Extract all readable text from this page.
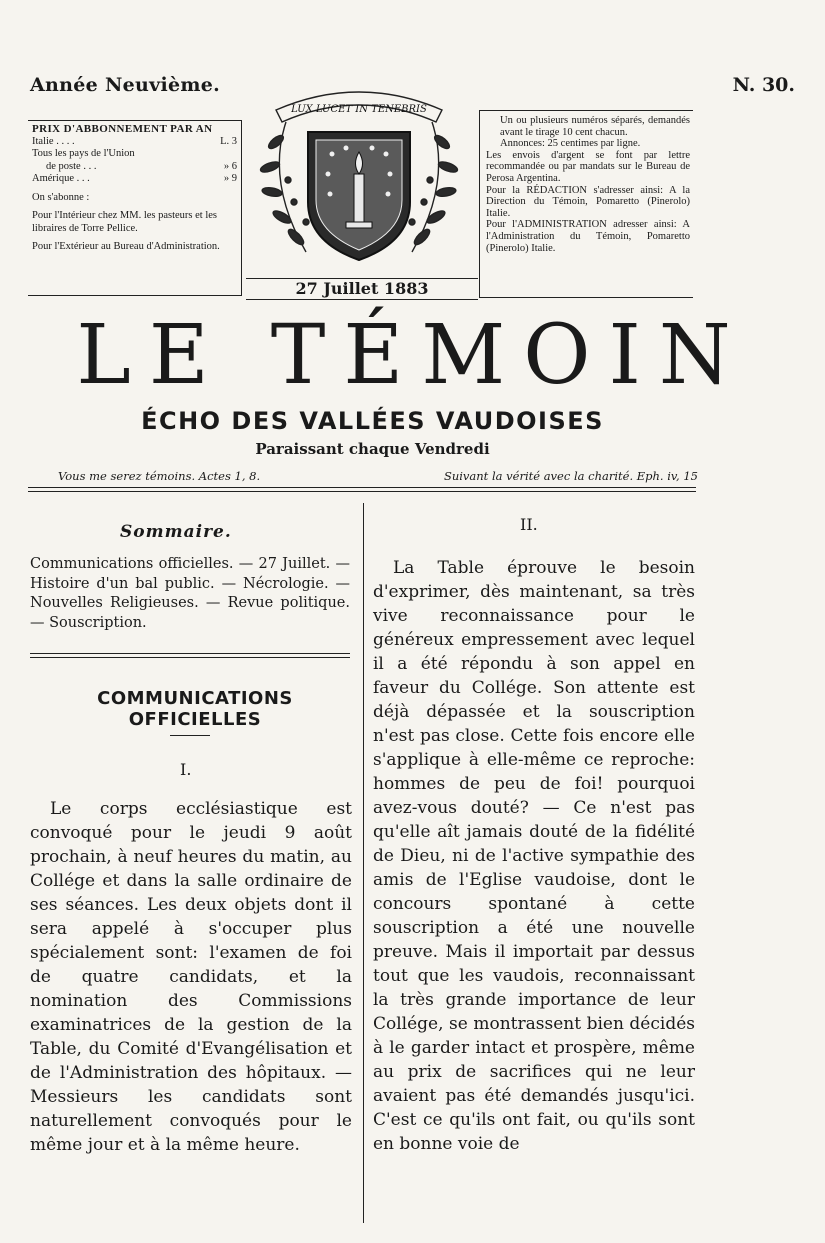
Année Neuvième.	N. 30.
PRIX D'ABBONNEMENT PAR AN
Italie . . . .	L. 3
Tous les pays de l'Union
de poste . . .	» 6
Amérique . . .	» 9
On s'abonne :
Pour l'Intérieur chez MM. les pasteurs et les libraires de Torre Pellice.
Pour l'Extérieur au Bureau d'Administration.
LUX LUCET IN TENEBRIS
27 Juillet 1883

Un ou plusieurs numéros séparés, demandés avant le tirage 10 cent chacun.

Annonces: 25 centimes par ligne.

Les envois d'argent se font par lettre recommandée ou par mandats sur le Bureau de Perosa Argentina.

Pour la RÉDACTION s'adresser ainsi: A la Direction du Témoin, Pomaretto (Pinerolo) Italie.

Pour l'ADMINISTRATION adresser ainsi: A l'Administration du Témoin, Pomaretto (Pinerolo) Italie.

LE TÉMOIN
ÉCHO DES VALLÉES VAUDOISES
Paraissant chaque Vendredi
Vous me serez témoins. Actes 1, 8.	Suivant la vérité avec la charité. Eph. iv, 15
Sommaire.
Communications officielles. — 27 Juillet. — Histoire d'un bal public. — Nécrologie. — Nouvelles Religieuses. — Revue politique. — Souscription.
COMMUNICATIONS OFFICIELLES
I.

Le corps ecclésiastique est convoqué pour le jeudi 9 août prochain, à neuf heures du matin, au Collége et dans la salle ordinaire de ses séances. Les deux objets dont il sera appelé à s'occuper plus spécialement sont: l'examen de foi de quatre candidats, et la nomination des Commissions examinatrices de la gestion de la Table, du Comité d'Evangélisation et de l'Administration des hôpitaux. — Messieurs les candidats sont naturellement convoqués pour le même jour et à la même heure.

II.

La Table éprouve le besoin d'exprimer, dès maintenant, sa très vive reconnaissance pour le généreux empressement avec lequel il a été répondu à son appel en faveur du Collége. Son attente est déjà dépassée et la souscription n'est pas close. Cette fois encore elle s'applique à elle-même ce reproche: hommes de peu de foi! pourquoi avez-vous douté? — Ce n'est pas qu'elle aît jamais douté de la fidélité de Dieu, ni de l'active sympathie des amis de l'Eglise vaudoise, dont le concours spontané à cette souscription a été une nouvelle preuve. Mais il importait par dessus tout que les vaudois, reconnaissant la très grande importance de leur Collége, se montrassent bien décidés à le garder intact et prospère, même au prix de sacrifices qui ne leur avaient pas été demandés jusqu'ici. C'est ce qu'ils ont fait, ou qu'ils sont en bonne voie de
